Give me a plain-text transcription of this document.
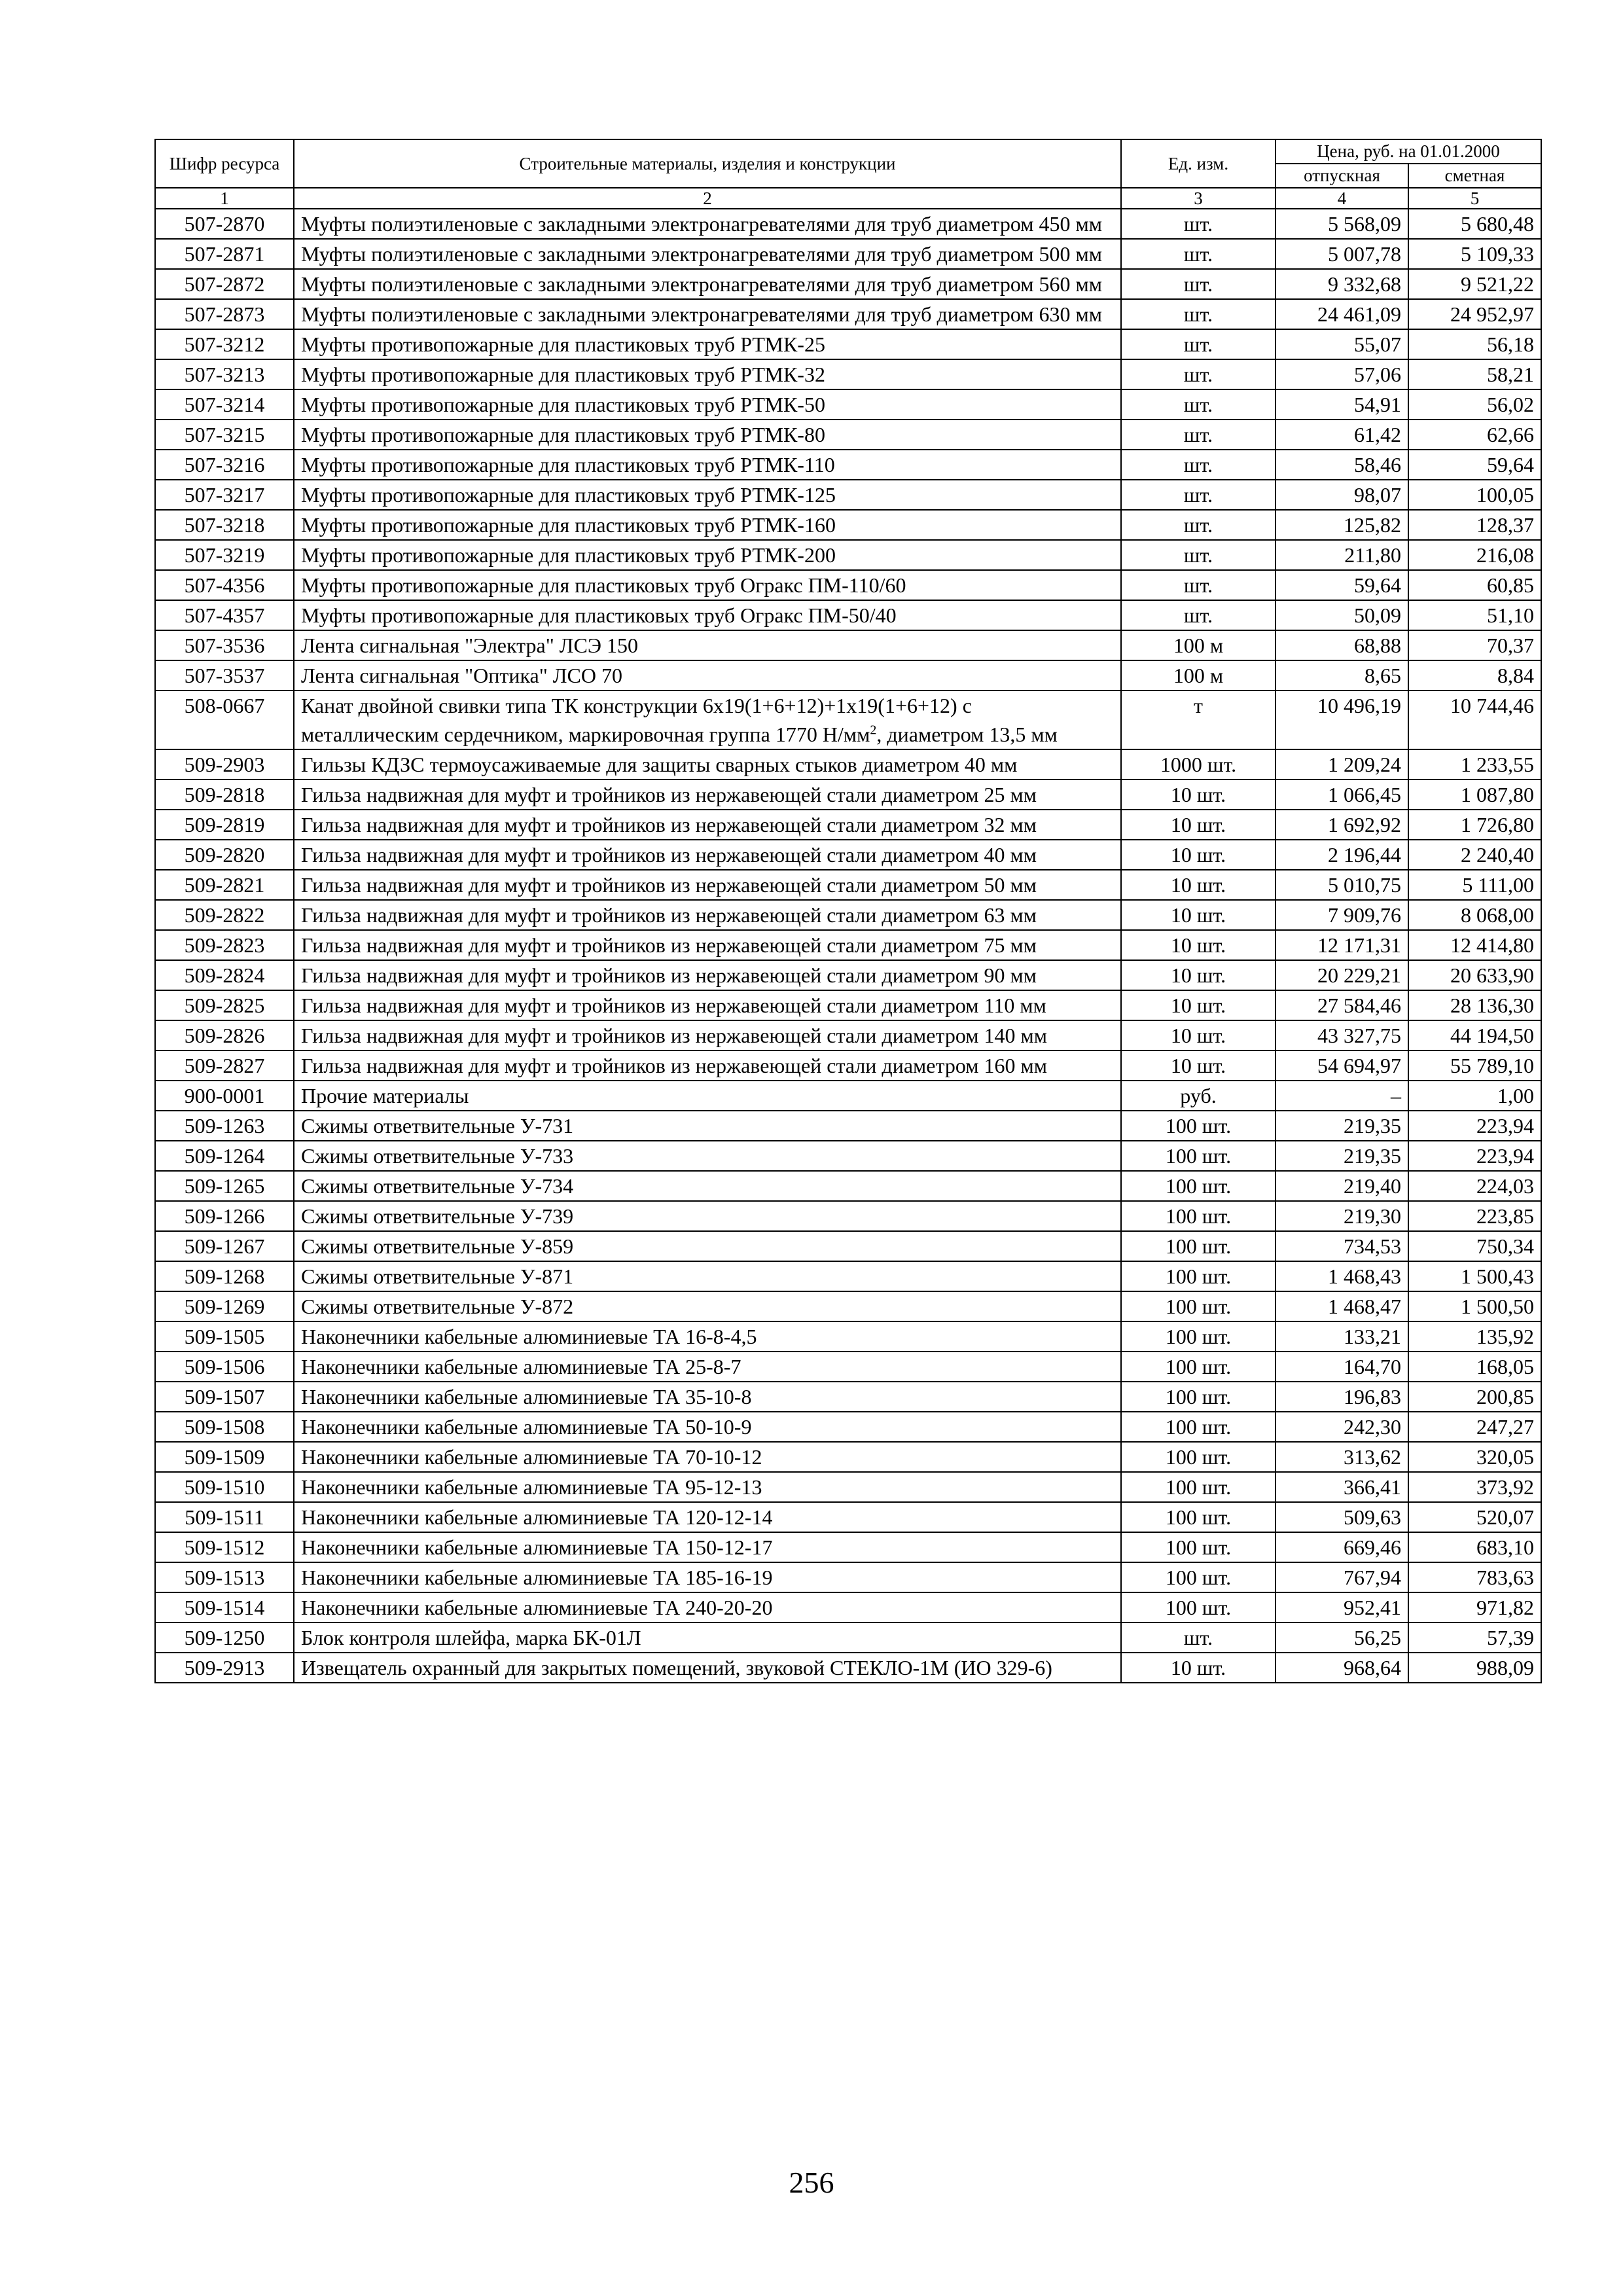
Шифр ресурса	Строительные материалы, изделия и конструкции	Ед. изм.	Цена, руб. на 01.01.2000	
			отпускная	сметная
1	2	3	4	5
507-2870	Муфты полиэтиленовые с закладными электронагревателями для труб диаметром 450 мм	шт.	5 568,09	5 680,48
507-2871	Муфты полиэтиленовые с закладными электронагревателями для труб диаметром 500 мм	шт.	5 007,78	5 109,33
507-2872	Муфты полиэтиленовые с закладными электронагревателями для труб диаметром 560 мм	шт.	9 332,68	9 521,22
507-2873	Муфты полиэтиленовые с закладными электронагревателями для труб диаметром 630 мм	шт.	24 461,09	24 952,97
507-3212	Муфты противопожарные для пластиковых труб РТМК-25	шт.	55,07	56,18
507-3213	Муфты противопожарные для пластиковых труб РТМК-32	шт.	57,06	58,21
507-3214	Муфты противопожарные для пластиковых труб РТМК-50	шт.	54,91	56,02
507-3215	Муфты противопожарные для пластиковых труб РТМК-80	шт.	61,42	62,66
507-3216	Муфты противопожарные для пластиковых труб РТМК-110	шт.	58,46	59,64
507-3217	Муфты противопожарные для пластиковых труб РТМК-125	шт.	98,07	100,05
507-3218	Муфты противопожарные для пластиковых труб РТМК-160	шт.	125,82	128,37
507-3219	Муфты противопожарные для пластиковых труб РТМК-200	шт.	211,80	216,08
507-4356	Муфты противопожарные для пластиковых труб Огракс ПМ-110/60	шт.	59,64	60,85
507-4357	Муфты противопожарные для пластиковых труб Огракс ПМ-50/40	шт.	50,09	51,10
507-3536	Лента сигнальная "Электра" ЛСЭ 150	100 м	68,88	70,37
507-3537	Лента сигнальная "Оптика" ЛСО 70	100 м	8,65	8,84
508-0667	Канат двойной свивки типа ТК конструкции 6х19(1+6+12)+1х19(1+6+12) с металлическим сердечником, маркировочная группа 1770 $Н/мм^2$, диаметром 13,5 мм	т	10 496,19	10 744,46
509-2903	Гильзы КДЗС термоусаживаемые для защиты сварных стыков диаметром 40 мм	1000 шт.	1 209,24	1 233,55
509-2818	Гильза надвижная для муфт и тройников из нержавеющей стали диаметром 25 мм	10 шт.	1 066,45	1 087,80
509-2819	Гильза надвижная для муфт и тройников из нержавеющей стали диаметром 32 мм	10 шт.	1 692,92	1 726,80
509-2820	Гильза надвижная для муфт и тройников из нержавеющей стали диаметром 40 мм	10 шт.	2 196,44	2 240,40
509-2821	Гильза надвижная для муфт и тройников из нержавеющей стали диаметром 50 мм	10 шт.	5 010,75	5 111,00
509-2822	Гильза надвижная для муфт и тройников из нержавеющей стали диаметром 63 мм	10 шт.	7 909,76	8 068,00
509-2823	Гильза надвижная для муфт и тройников из нержавеющей стали диаметром 75 мм	10 шт.	12 171,31	12 414,80
509-2824	Гильза надвижная для муфт и тройников из нержавеющей стали диаметром 90 мм	10 шт.	20 229,21	20 633,90
509-2825	Гильза надвижная для муфт и тройников из нержавеющей стали диаметром 110 мм	10 шт.	27 584,46	28 136,30
509-2826	Гильза надвижная для муфт и тройников из нержавеющей стали диаметром 140 мм	10 шт.	43 327,75	44 194,50
509-2827	Гильза надвижная для муфт и тройников из нержавеющей стали диаметром 160 мм	10 шт.	54 694,97	55 789,10
900-0001	Прочие материалы	руб.	–	1,00
509-1263	Сжимы ответвительные У-731	100 шт.	219,35	223,94
509-1264	Сжимы ответвительные У-733	100 шт.	219,35	223,94
509-1265	Сжимы ответвительные У-734	100 шт.	219,40	224,03
509-1266	Сжимы ответвительные У-739	100 шт.	219,30	223,85
509-1267	Сжимы ответвительные У-859	100 шт.	734,53	750,34
509-1268	Сжимы ответвительные У-871	100 шт.	1 468,43	1 500,43
509-1269	Сжимы ответвительные У-872	100 шт.	1 468,47	1 500,50
509-1505	Наконечники кабельные алюминиевые ТА 16-8-4,5	100 шт.	133,21	135,92
509-1506	Наконечники кабельные алюминиевые ТА 25-8-7	100 шт.	164,70	168,05
509-1507	Наконечники кабельные алюминиевые ТА 35-10-8	100 шт.	196,83	200,85
509-1508	Наконечники кабельные алюминиевые ТА 50-10-9	100 шт.	242,30	247,27
509-1509	Наконечники кабельные алюминиевые ТА 70-10-12	100 шт.	313,62	320,05
509-1510	Наконечники кабельные алюминиевые ТА 95-12-13	100 шт.	366,41	373,92
509-1511	Наконечники кабельные алюминиевые ТА 120-12-14	100 шт.	509,63	520,07
509-1512	Наконечники кабельные алюминиевые ТА 150-12-17	100 шт.	669,46	683,10
509-1513	Наконечники кабельные алюминиевые ТА 185-16-19	100 шт.	767,94	783,63
509-1514	Наконечники кабельные алюминиевые ТА 240-20-20	100 шт.	952,41	971,82
509-1250	Блок контроля шлейфа, марка БК-01Л	шт.	56,25	57,39
509-2913	Извещатель охранный для закрытых помещений, звуковой СТЕКЛО-1М (ИО 329-6)	10 шт.	968,64	988,09
256
